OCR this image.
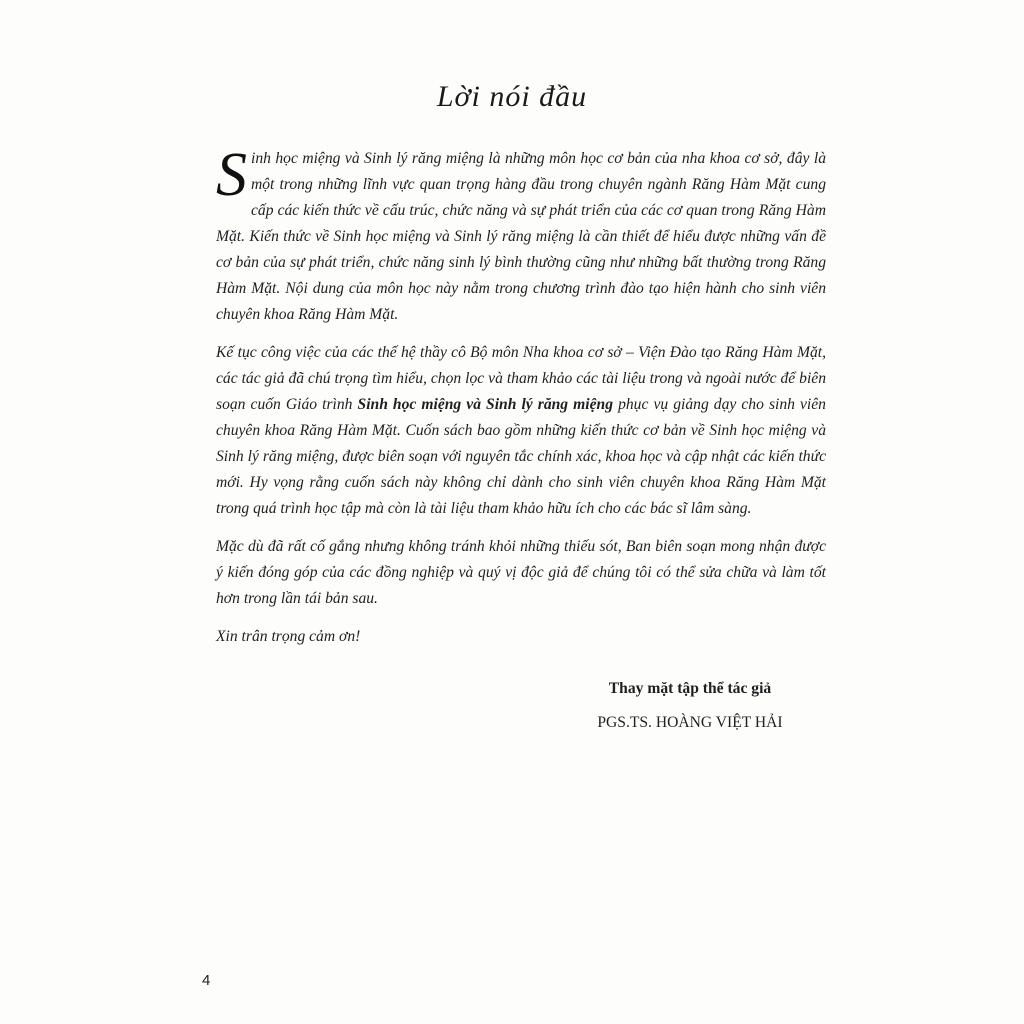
Lời nói đầu

Sinh học miệng và Sinh lý răng miệng là những môn học cơ bản của nha khoa cơ sở, đây là một trong những lĩnh vực quan trọng hàng đầu trong chuyên ngành Răng Hàm Mặt cung cấp các kiến thức về cấu trúc, chức năng và sự phát triển của các cơ quan trong Răng Hàm Mặt. Kiến thức về Sinh học miệng và Sinh lý răng miệng là cần thiết để hiểu được những vấn đề cơ bản của sự phát triển, chức năng sinh lý bình thường cũng như những bất thường trong Răng Hàm Mặt. Nội dung của môn học này nằm trong chương trình đào tạo hiện hành cho sinh viên chuyên khoa Răng Hàm Mặt.

Kế tục công việc của các thế hệ thầy cô Bộ môn Nha khoa cơ sở – Viện Đào tạo Răng Hàm Mặt, các tác giả đã chú trọng tìm hiểu, chọn lọc và tham khảo các tài liệu trong và ngoài nước để biên soạn cuốn Giáo trình Sinh học miệng và Sinh lý răng miệng phục vụ giảng dạy cho sinh viên chuyên khoa Răng Hàm Mặt. Cuốn sách bao gồm những kiến thức cơ bản về Sinh học miệng và Sinh lý răng miệng, được biên soạn với nguyên tắc chính xác, khoa học và cập nhật các kiến thức mới. Hy vọng rằng cuốn sách này không chỉ dành cho sinh viên chuyên khoa Răng Hàm Mặt trong quá trình học tập mà còn là tài liệu tham khảo hữu ích cho các bác sĩ lâm sàng.

Mặc dù đã rất cố gắng nhưng không tránh khỏi những thiếu sót, Ban biên soạn mong nhận được ý kiến đóng góp của các đồng nghiệp và quý vị độc giả để chúng tôi có thể sửa chữa và làm tốt hơn trong lần tái bản sau.

Xin trân trọng cảm ơn!

Thay mặt tập thể tác giả
PGS.TS. HOÀNG VIỆT HẢI
4
